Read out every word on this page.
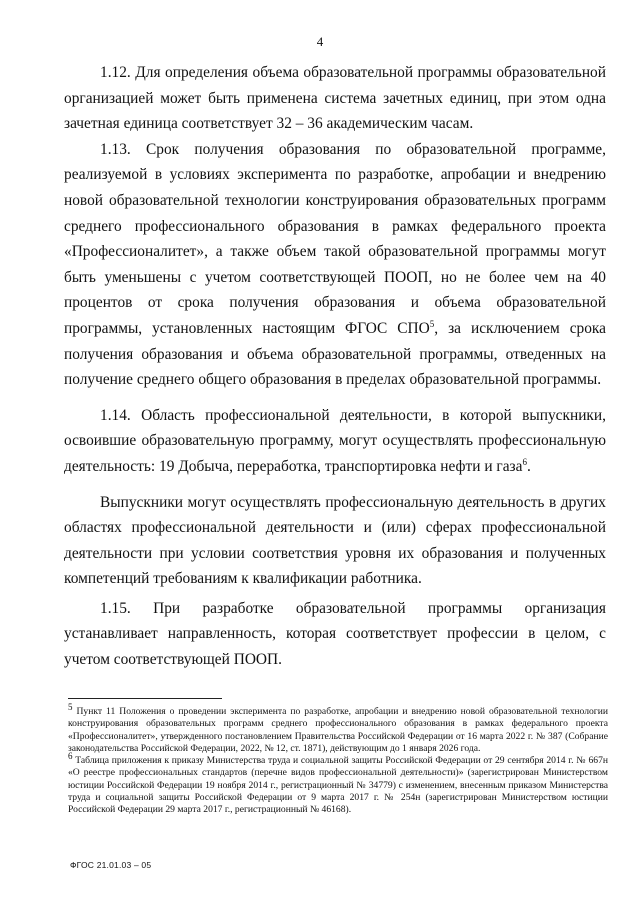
4

1.12. Для определения объема образовательной программы образовательной организацией может быть применена система зачетных единиц, при этом одна зачетная единица соответствует 32 – 36 академическим часам.

1.13. Срок получения образования по образовательной программе, реализуемой в условиях эксперимента по разработке, апробации и внедрению новой образовательной технологии конструирования образовательных программ среднего профессионального образования в рамках федерального проекта «Профессионалитет», а также объем такой образовательной программы могут быть уменьшены с учетом соответствующей ПООП, но не более чем на 40 процентов от срока получения образования и объема образовательной программы, установленных настоящим ФГОС СПО$^5$, за исключением срока получения образования и объема образовательной программы, отведенных на получение среднего общего образования в пределах образовательной программы.

1.14. Область профессиональной деятельности, в которой выпускники, освоившие образовательную программу, могут осуществлять профессиональную деятельность: 19 Добыча, переработка, транспортировка нефти и газа$^6$.

Выпускники могут осуществлять профессиональную деятельность в других областях профессиональной деятельности и (или) сферах профессиональной деятельности при условии соответствия уровня их образования и полученных компетенций требованиям к квалификации работника.

1.15. При разработке образовательной программы организация устанавливает направленность, которая соответствует профессии в целом, с учетом соответствующей ПООП.

$^5$ Пункт 11 Положения о проведении эксперимента по разработке, апробации и внедрению новой образовательной технологии конструирования образовательных программ среднего профессионального образования в рамках федерального проекта «Профессионалитет», утвержденного постановлением Правительства Российской Федерации от 16 марта 2022 г. № 387 (Собрание законодательства Российской Федерации, 2022, № 12, ст. 1871), действующим до 1 января 2026 года.

$^6$ Таблица приложения к приказу Министерства труда и социальной защиты Российской Федерации от 29 сентября 2014 г. № 667н «О реестре профессиональных стандартов (перечне видов профессиональной деятельности)» (зарегистрирован Министерством юстиции Российской Федерации 19 ноября 2014 г., регистрационный № 34779) с изменением, внесенным приказом Министерства труда и социальной защиты Российской Федерации от 9 марта 2017 г. № 254н (зарегистрирован Министерством юстиции Российской Федерации 29 марта 2017 г., регистрационный № 46168).

ФГОС 21.01.03 – 05
